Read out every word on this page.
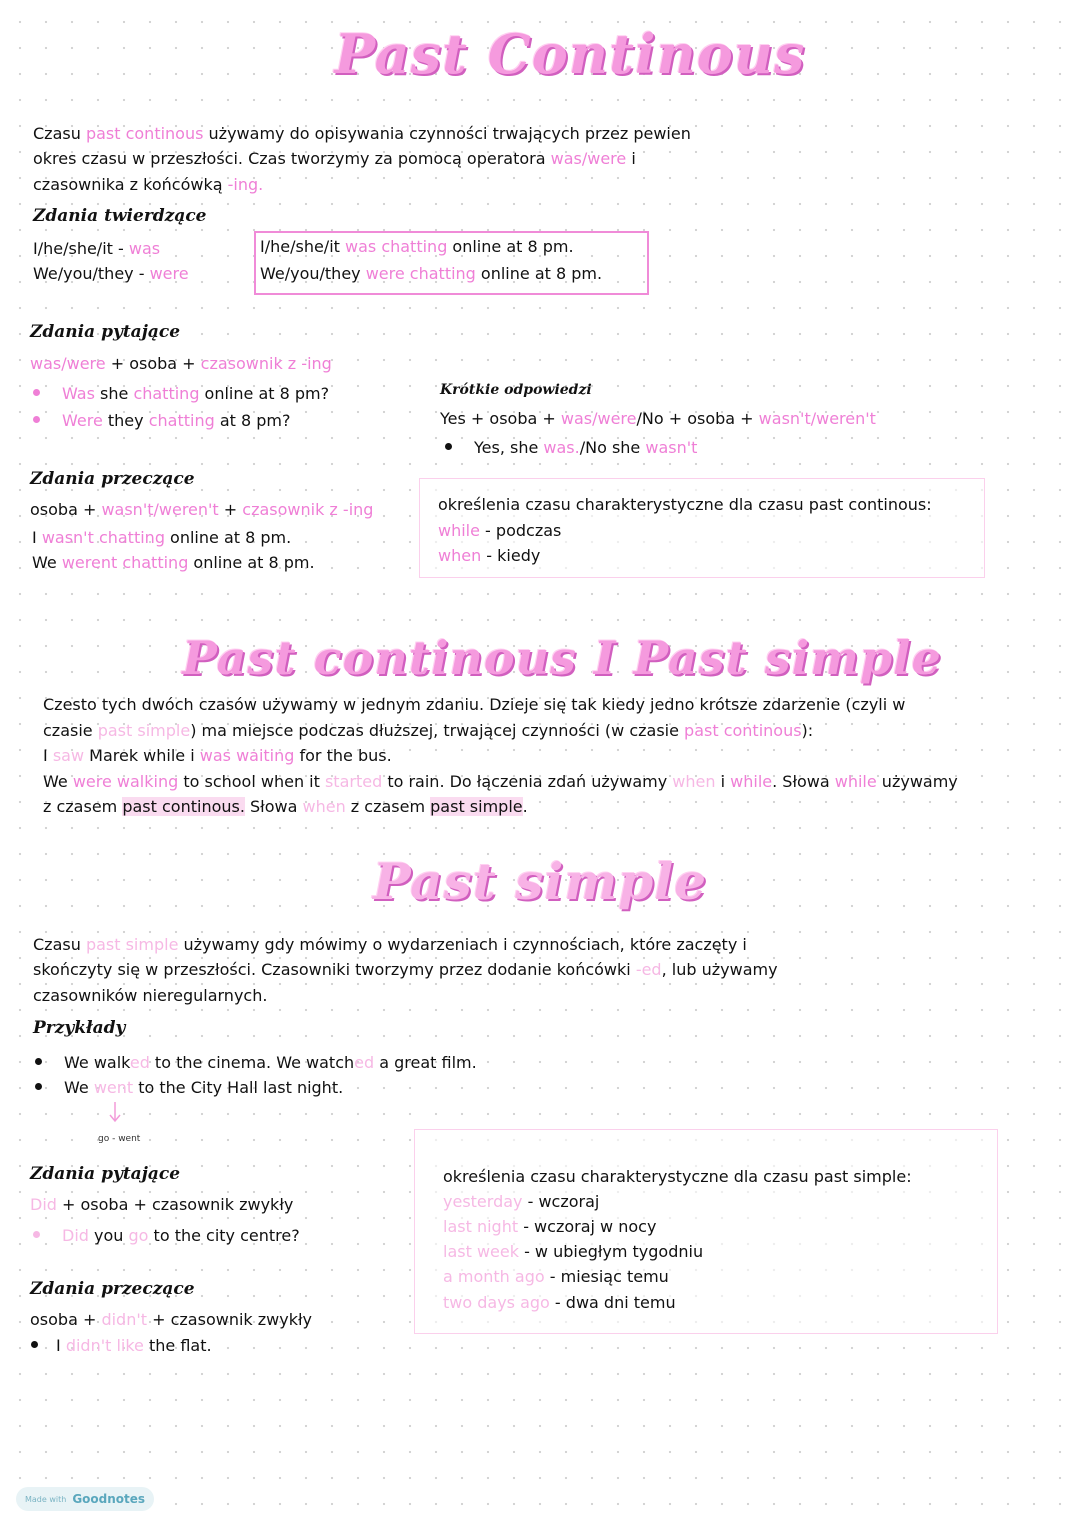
Past Continous

Czasu past continous używamy do opisywania czynności trwających przez pewien

okres czasu w przeszłości. Czas tworzymy za pomocą operatora was/were i

czasownika z końcówką -ing.

Zdania twierdzące

I/he/she/it - was

We/you/they - were

I/he/she/it was chatting online at 8 pm.

We/you/they were chatting online at 8 pm.

Zdania pytające

was/were + osoba + czasownik z -ing

Was she chatting online at 8 pm?

Were they chatting at 8 pm?

Krótkie odpowiedzi

Yes + osoba + was/were/No + osoba + wasn't/weren't

Yes, she was./No she wasn't

Zdania przeczące

osoba + wasn't/weren't + czasownik z -ing

I wasn't chatting online at 8 pm.

We werent chatting online at 8 pm.

określenia czasu charakterystyczne dla czasu past continous:

while - podczas

when - kiedy

Past continous I Past simple

Czesto tych dwóch czasów używamy w jednym zdaniu. Dzieje się tak kiedy jedno krótsze zdarzenie (czyli w

czasie past simple) ma miejsce podczas dłuższej, trwającej czynności (w czasie past continous):

I saw Marek while i was waiting for the bus.

We were walking to school when it started to rain. Do łączenia zdań używamy when i while. Słowa while używamy

z czasem past continous. Słowa when z czasem past simple.

Past simple

Czasu past simple używamy gdy mówimy o wydarzeniach i czynnościach, które zaczęty i

skończyty się w przeszłości. Czasowniki tworzymy przez dodanie końcówki -ed, lub używamy

czasowników nieregularnych.

Przykłady

We walked to the cinema. We watched a great film.

We went to the City Hall last night.

go - went

Zdania pytające

Did + osoba + czasownik zwykły

Did you go to the city centre?

Zdania przeczące

osoba + didn't + czasownik zwykły

I didn't like the flat.

określenia czasu charakterystyczne dla czasu past simple:

yesterday - wczoraj

last night - wczoraj w nocy

last week - w ubiegłym tygodniu

a month ago - miesiąc temu

two days ago - dwa dni temu

Made with Goodnotes
